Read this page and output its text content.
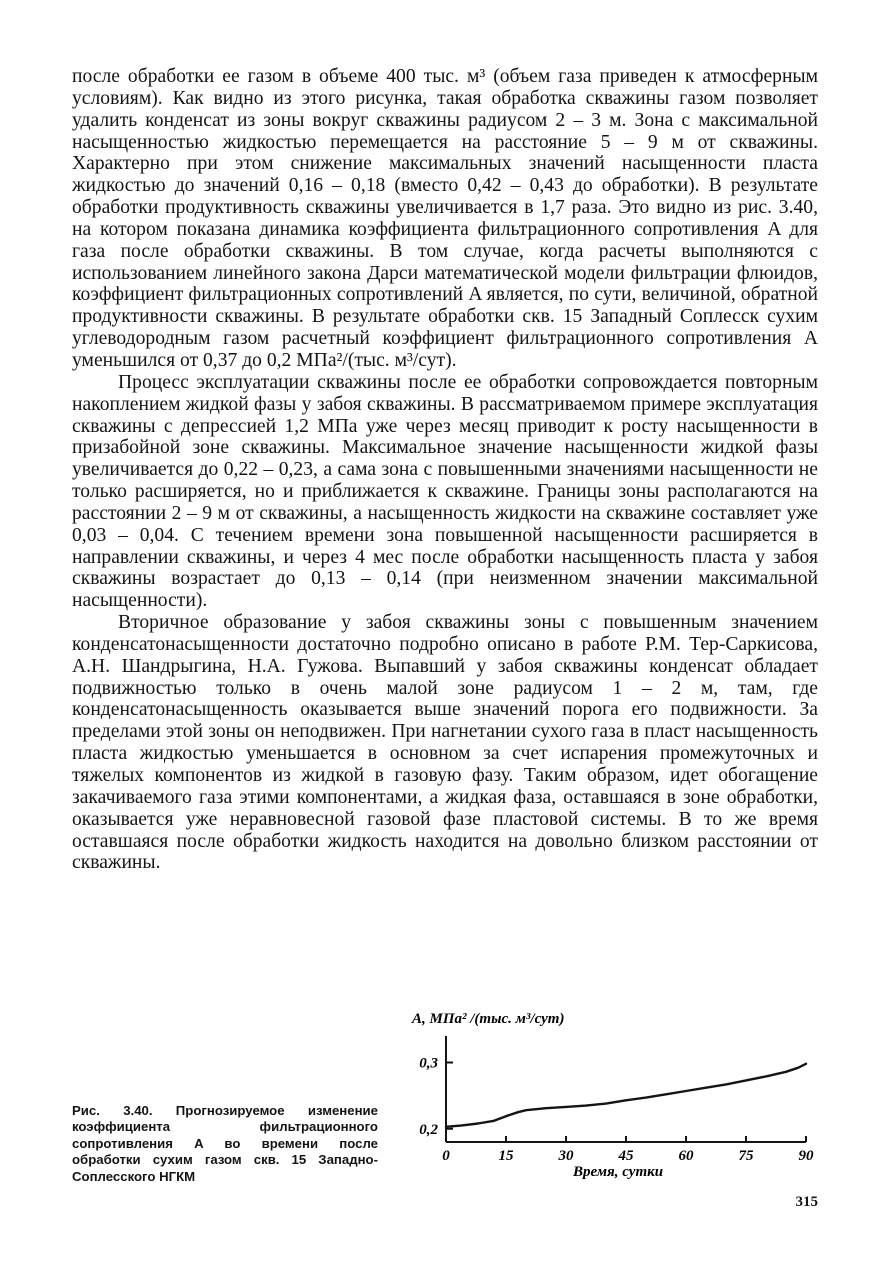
после обработки ее газом в объеме 400 тыс. м³ (объем газа приведен к атмосферным условиям). Как видно из этого рисунка, такая обработка скважины газом позволяет удалить конденсат из зоны вокруг скважины радиусом 2 – 3 м. Зона с максимальной насыщенностью жидкостью перемещается на расстояние 5 – 9 м от скважины. Характерно при этом снижение максимальных значений насыщенности пласта жидкостью до значений 0,16 – 0,18 (вместо 0,42 – 0,43 до обработки). В результате обработки продуктивность скважины увеличивается в 1,7 раза. Это видно из рис. 3.40, на котором показана динамика коэффициента фильтрационного сопротивления A для газа после обработки скважины. В том случае, когда расчеты выполняются с использованием линейного закона Дарси математической модели фильтрации флюидов, коэффициент фильтрационных сопротивлений A является, по сути, величиной, обратной продуктивности скважины. В результате обработки скв. 15 Западный Соплесск сухим углеводородным газом расчетный коэффициент фильтрационного сопротивления A уменьшился от 0,37 до 0,2 МПа²/(тыс. м³/сут).

Процесс эксплуатации скважины после ее обработки сопровождается повторным накоплением жидкой фазы у забоя скважины. В рассматриваемом примере эксплуатация скважины с депрессией 1,2 МПа уже через месяц приводит к росту насыщенности в призабойной зоне скважины. Максимальное значение насыщенности жидкой фазы увеличивается до 0,22 – 0,23, а сама зона с повышенными значениями насыщенности не только расширяется, но и приближается к скважине. Границы зоны располагаются на расстоянии 2 – 9 м от скважины, а насыщенность жидкости на скважине составляет уже 0,03 – 0,04. С течением времени зона повышенной насыщенности расширяется в направлении скважины, и через 4 мес после обработки насыщенность пласта у забоя скважины возрастает до 0,13 – 0,14 (при неизменном значении максимальной насыщенности).

Вторичное образование у забоя скважины зоны с повышенным значением конденсатонасыщенности достаточно подробно описано в работе Р.М. Тер-Саркисова, А.Н. Шандрыгина, Н.А. Гужова. Выпавший у забоя скважины конденсат обладает подвижностью только в очень малой зоне радиусом 1 – 2 м, там, где конденсатонасыщенность оказывается выше значений порога его подвижности. За пределами этой зоны он неподвижен. При нагнетании сухого газа в пласт насыщенность пласта жидкостью уменьшается в основном за счет испарения промежуточных и тяжелых компонентов из жидкой в газовую фазу. Таким образом, идет обогащение закачиваемого газа этими компонентами, а жидкая фаза, оставшаяся в зоне обработки, оказывается уже неравновесной газовой фазе пластовой системы. В то же время оставшаяся после обработки жидкость находится на довольно близком расстоянии от скважины.

Рис. 3.40. Прогнозируемое изменение коэффициента фильтрационного сопротивления A во времени после обработки сухим газом скв. 15 Западно-Соплесского НГКМ
A, МПа² /(тыс. м³/сут)
0,2
0,3
0	15	30	45	60	75	90
Время, сутки
315
